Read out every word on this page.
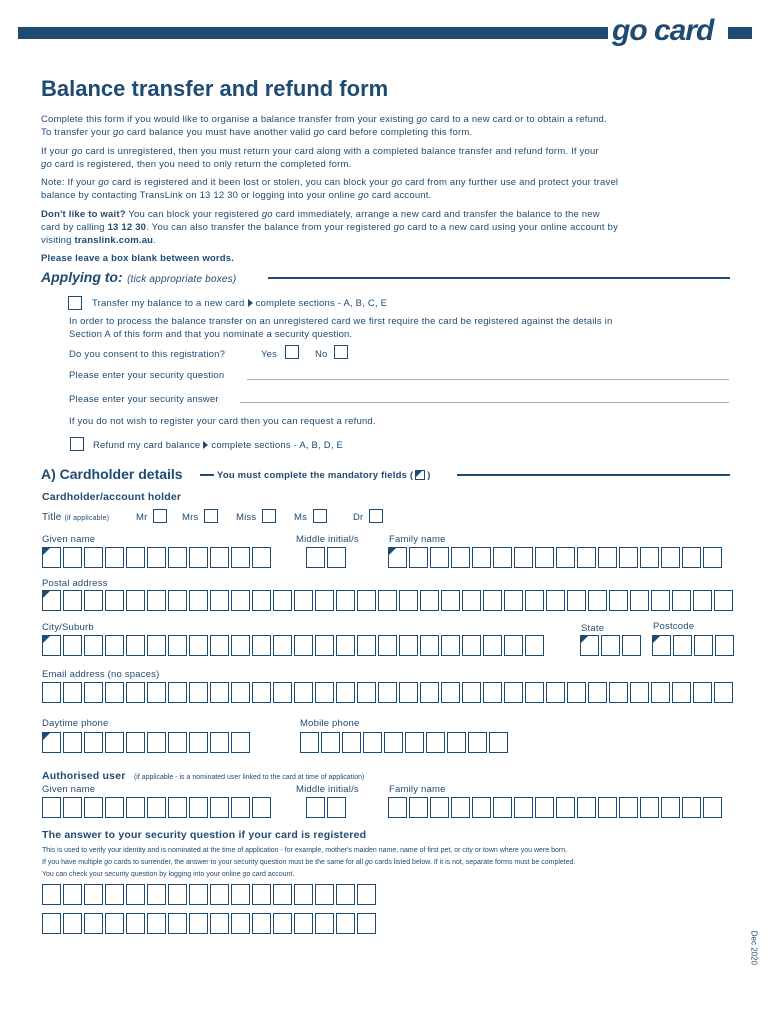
go card
Balance transfer and refund form
Complete this form if you would like to organise a balance transfer from your existing go card to a new card or to obtain a refund.
To transfer your go card balance you must have another valid go card before completing this form.
If your go card is unregistered, then you must return your card along with a completed balance transfer and refund form. If your
go card is registered, then you need to only return the completed form.
Note: If your go card is registered and it been lost or stolen, you can block your go card from any further use and protect your travel
balance by contacting TransLink on 13 12 30 or logging into your online go card account.
Don't like to wait? You can block your registered go card immediately, arrange a new card and transfer the balance to the new
card by calling 13 12 30. You can also transfer the balance from your registered go card to a new card using your online account by
visiting translink.com.au.
Please leave a box blank between words.
Applying to: (tick appropriate boxes)
Transfer my balance to a new card complete sections - A, B, C, E
In order to process the balance transfer on an unregistered card we first require the card be registered against the details in
Section A of this form and that you nominate a security question.
Do you consent to this registration?	Yes	No
Please enter your security question
Please enter your security answer
If you do not wish to register your card then you can request a refund.
Refund my card balance complete sections - A, B, D, E
A) Cardholder details	You must complete the mandatory fields ( )
Cardholder/account holder
Title (if applicable)	Mr	Mrs	Miss	Ms	Dr
Given name	Middle initial/s	Family name
Postal address
City/Suburb	State	Postcode
Email address (no spaces)
Daytime phone	Mobile phone
Authorised user (if applicable - is a nominated user linked to the card at time of application)
Given name	Middle initial/s	Family name
The answer to your security question if your card is registered
This is used to verify your identity and is nominated at the time of application - for example, mother's maiden name, name of first pet, or city or town where you were born.
If you have multiple go cards to surrender, the answer to your security question must be the same for all go cards listed below. If it is not, separate forms must be completed.
You can check your security question by logging into your online go card account.
Dec 2020
